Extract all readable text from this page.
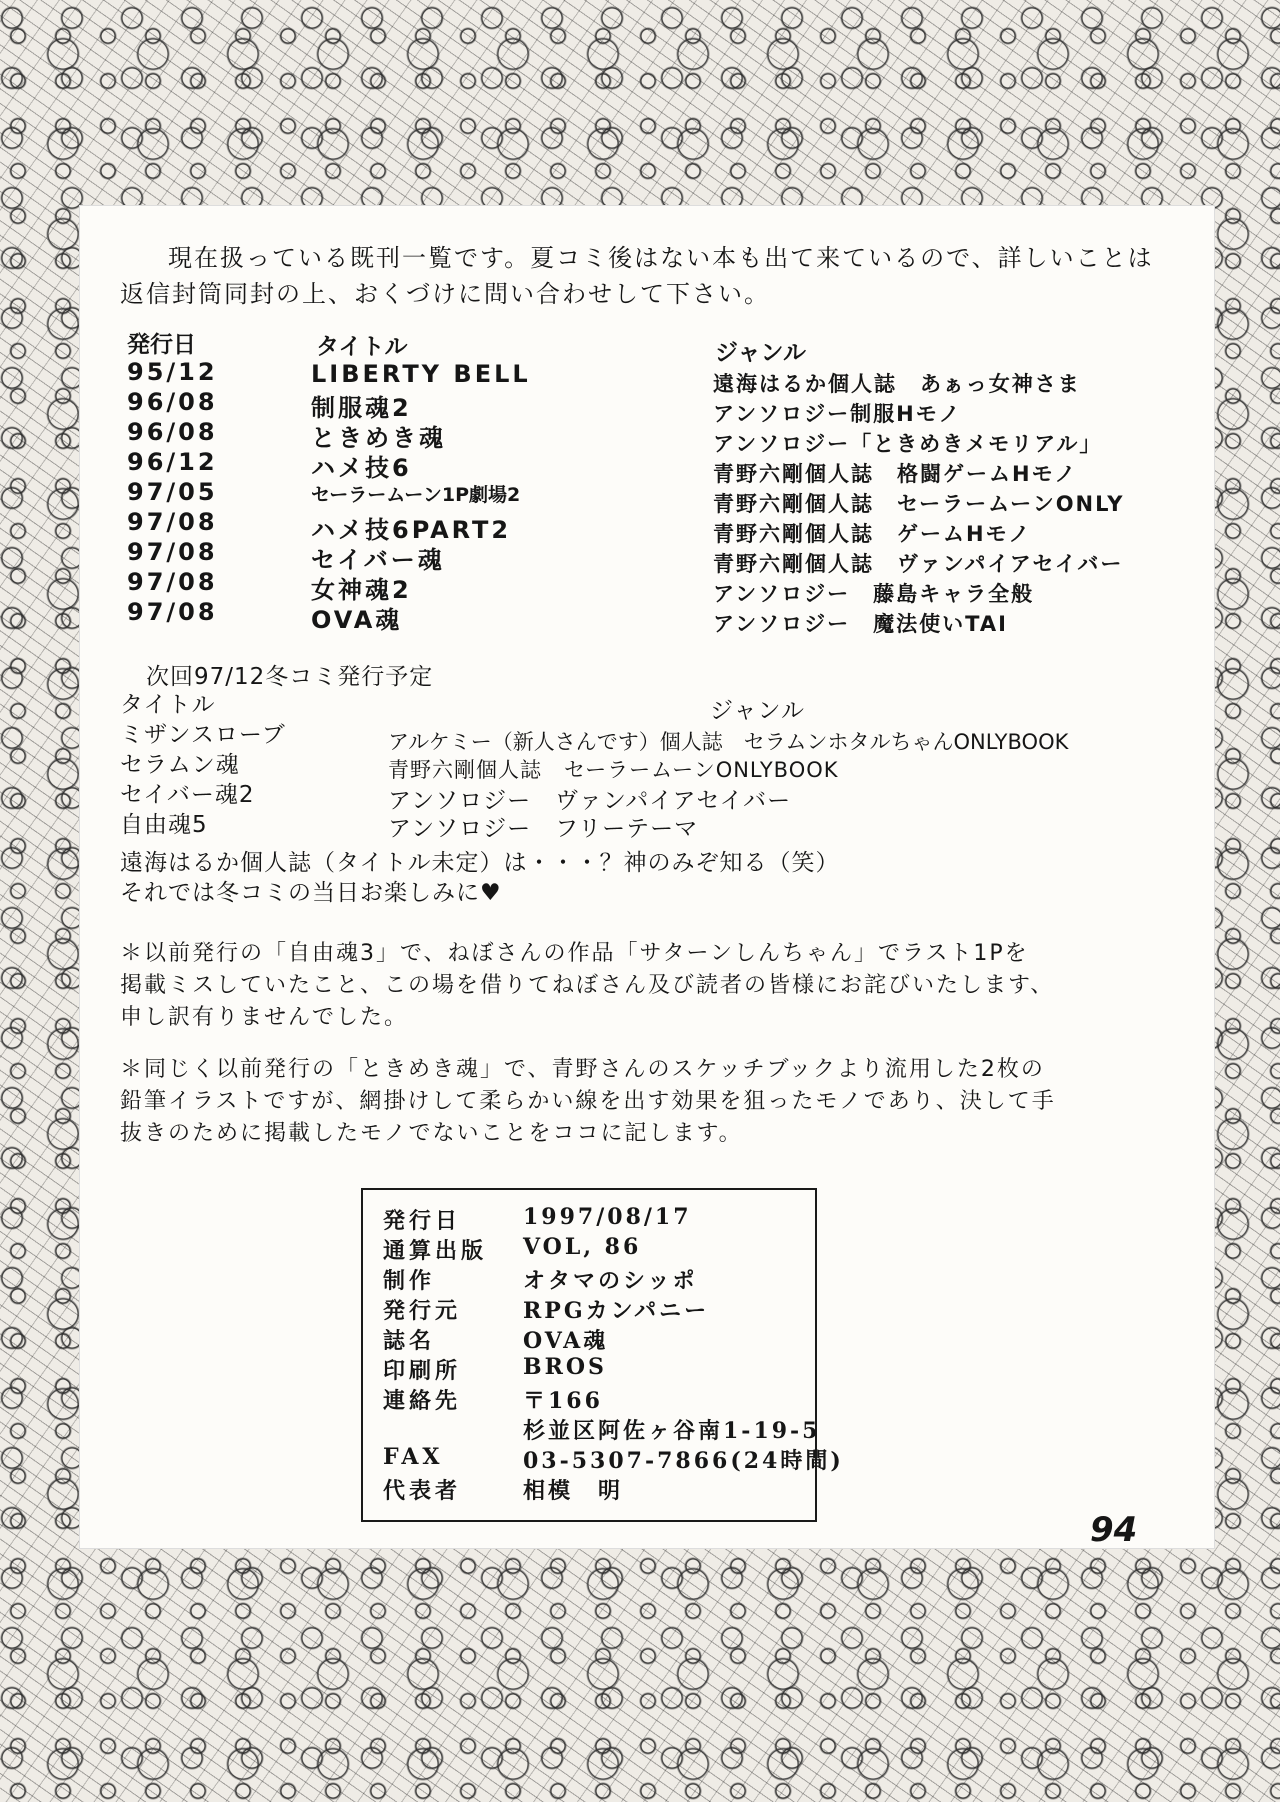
現在扱っている既刊一覧です。夏コミ後はない本も出て来ているので、詳しいことは

返信封筒同封の上、おくづけに問い合わせして下さい。

発行日	タイトル	ジャンル
95/12	LIBERTY BELL	遠海はるか個人誌　あぁっ女神さま
96/08	制服魂2	アンソロジー制服Hモノ
96/08	ときめき魂	アンソロジー「ときめきメモリアル」
96/12	ハメ技6	青野六剛個人誌　格闘ゲームHモノ
97/05	セーラームーン1P劇場2	青野六剛個人誌　セーラームーンONLY
97/08	ハメ技6PART2	青野六剛個人誌　ゲームHモノ
97/08	セイバー魂	青野六剛個人誌　ヴァンパイアセイバー
97/08	女神魂2	アンソロジー　藤島キャラ全般
97/08	OVA魂	アンソロジー　魔法使いTAI
次回97/12冬コミ発行予定
タイトル	ジャンル
ミザンスローブ	アルケミー（新人さんです）個人誌　セラムンホタルちゃんONLYBOOK
セラムン魂	青野六剛個人誌　セーラームーンONLYBOOK
セイバー魂2	アンソロジー　ヴァンパイアセイバー
自由魂5	アンソロジー　フリーテーマ
遠海はるか個人誌（タイトル未定）は・・・？神のみぞ知る（笑）
それでは冬コミの当日お楽しみに♥

＊以前発行の「自由魂3」で、ねぼさんの作品「サターンしんちゃん」でラスト1Pを

掲載ミスしていたこと、この場を借りてねぼさん及び読者の皆様にお詫びいたします、

申し訳有りませんでした。

＊同じく以前発行の「ときめき魂」で、青野さんのスケッチブックより流用した2枚の

鉛筆イラストですが、網掛けして柔らかい線を出す効果を狙ったモノであり、決して手

抜きのために掲載したモノでないことをココに記します。

発行日	1997/08/17
通算出版 VOL, 86
制作	オタマのシッポ
発行元	RPGカンパニー
誌名	OVA魂
印刷所	BROS
連絡先	〒166
杉並区阿佐ヶ谷南1-19-5
FAX	03-5307-7866(24時間)
代表者	相模　明
94
